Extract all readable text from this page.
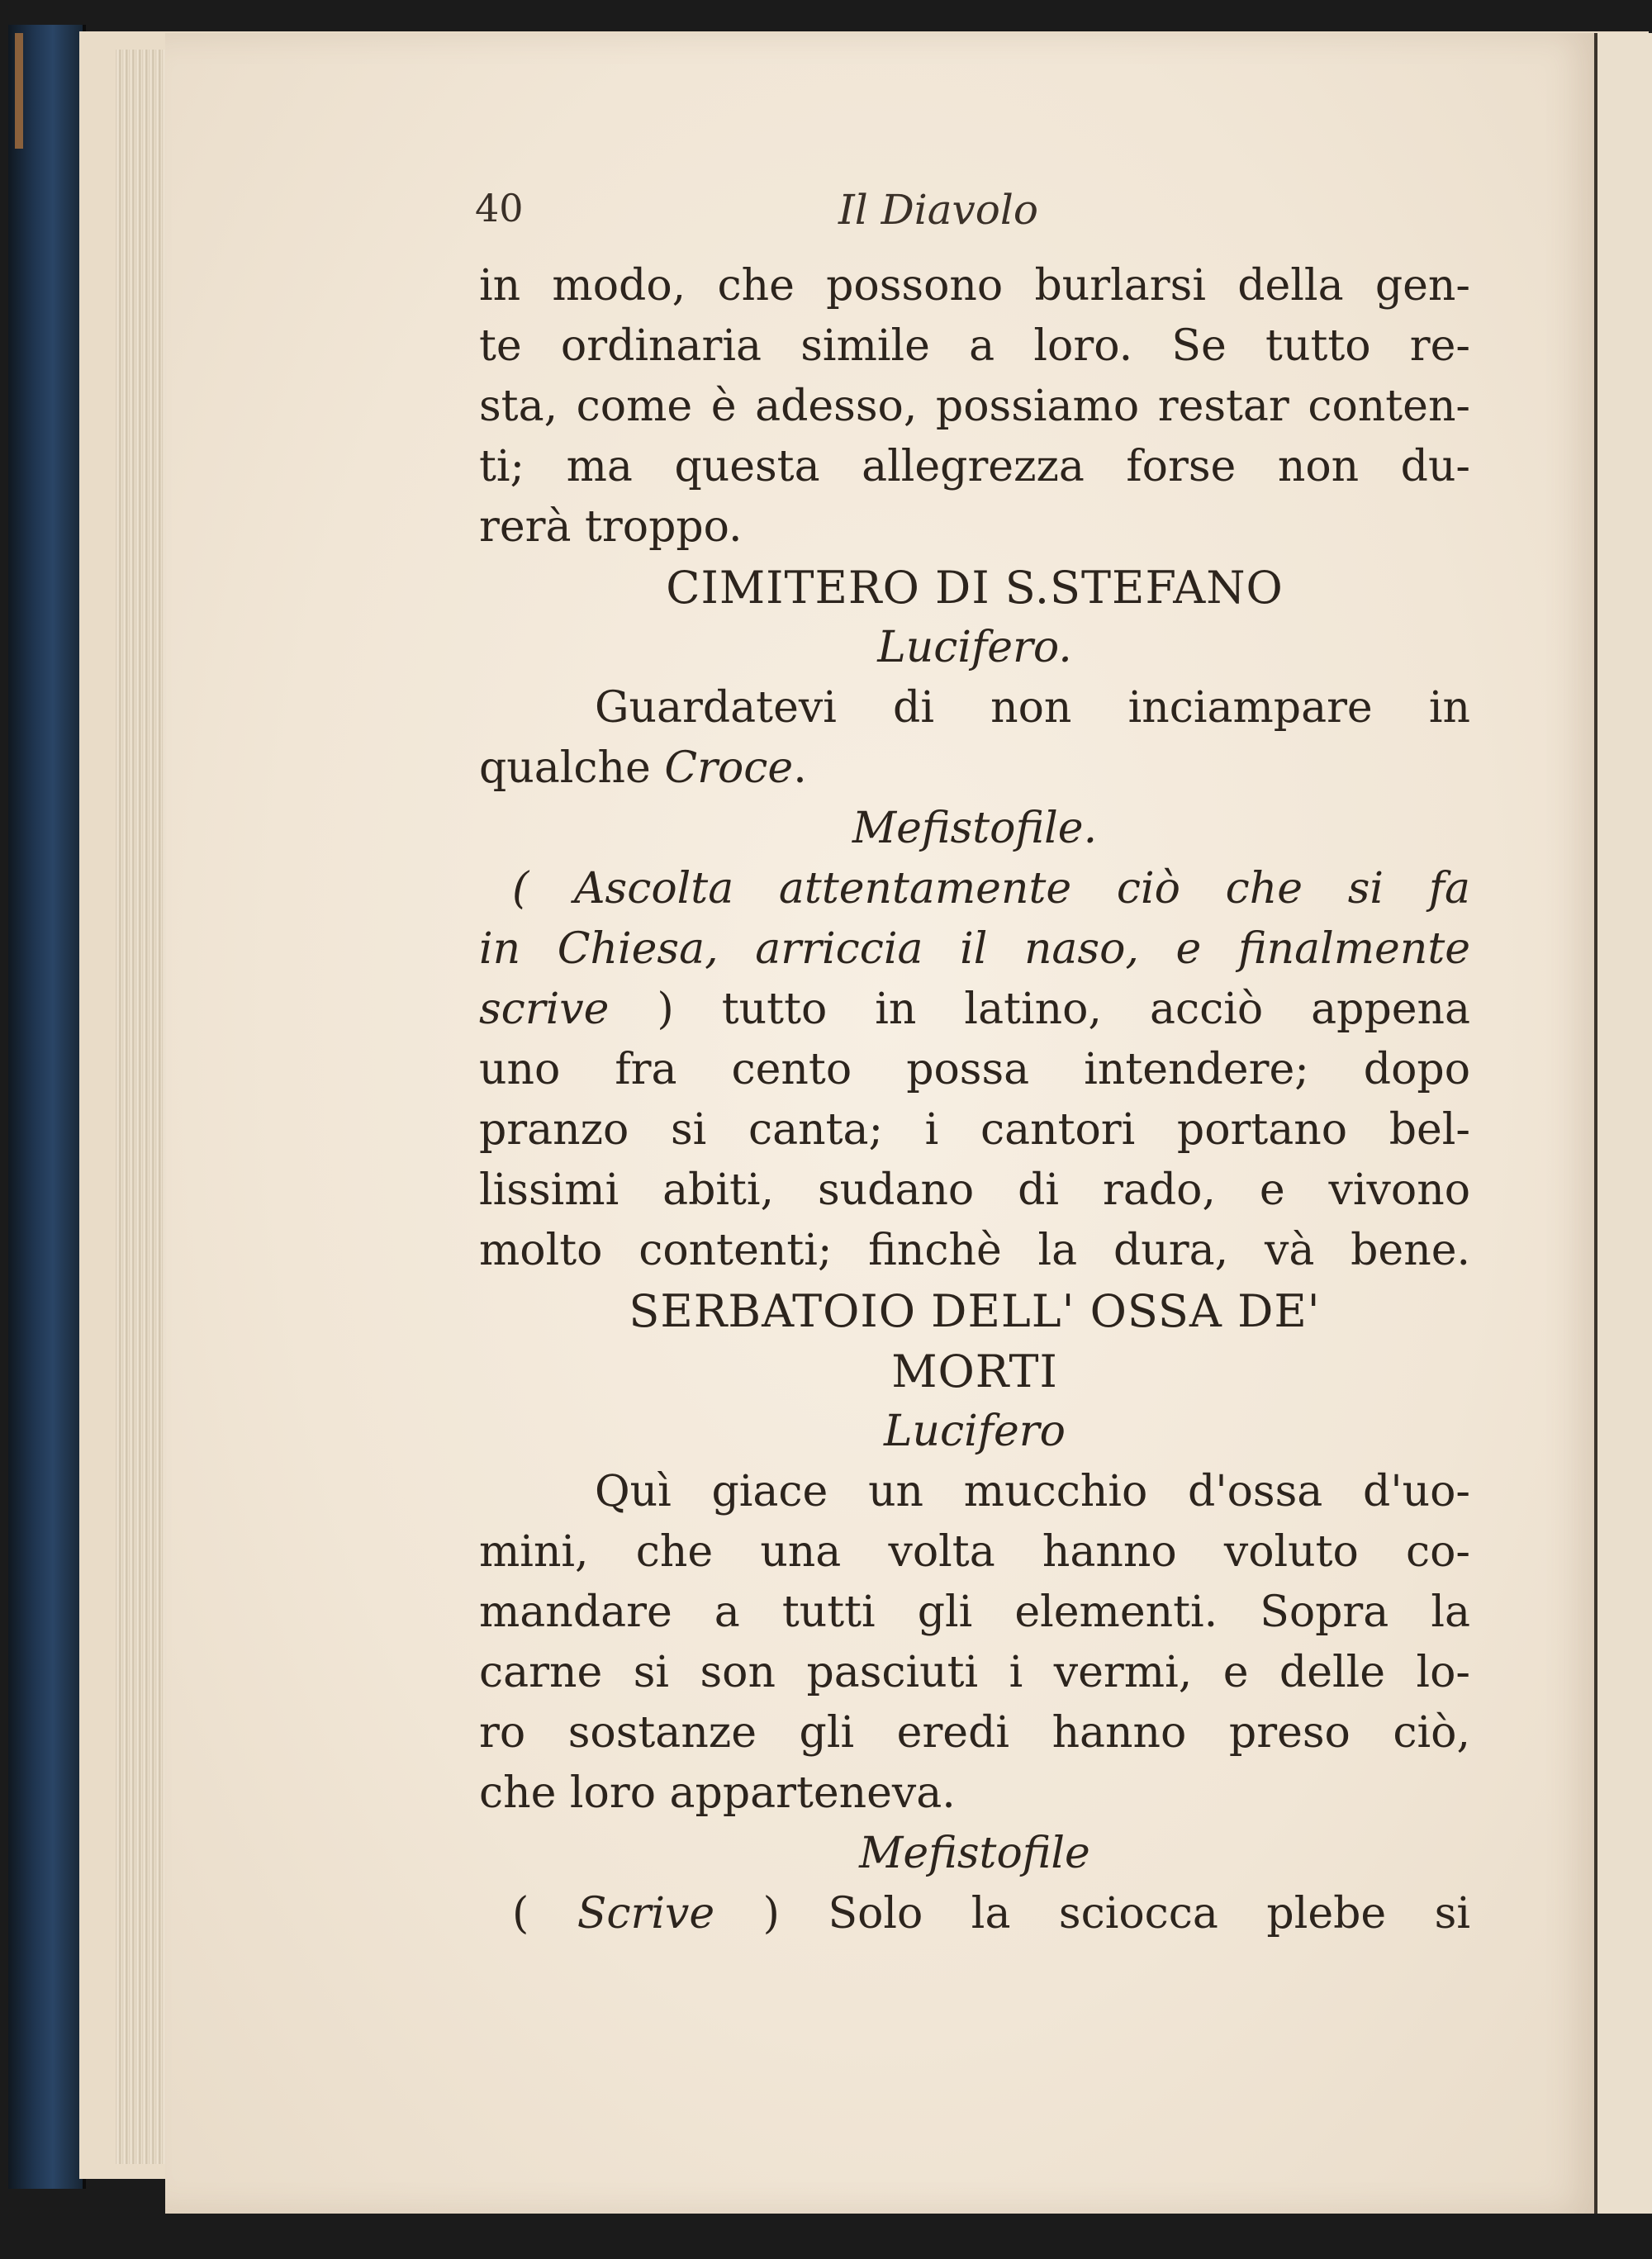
40	Il Diavolo
in modo, che possono burlarsi della gen-
te ordinaria simile a loro. Se tutto re-
sta, come è adesso, possiamo restar conten-
ti; ma questa allegrezza forse non du-
rerà troppo.
CIMITERO DI S.STEFANO
Lucifero.
Guardatevi di non inciampare in
qualche Croce.
Mefistofile.
( Ascolta attentamente ciò che si fa
in Chiesa, arriccia il naso, e finalmente
scrive ) tutto in latino, acciò appena
uno fra cento possa intendere; dopo
pranzo si canta; i cantori portano bel-
lissimi abiti, sudano di rado, e vivono
molto contenti; finchè la dura, và bene.
SERBATOIO DELL' OSSA DE'
MORTI
Lucifero
Quì giace un mucchio d'ossa d'uo-
mini, che una volta hanno voluto co-
mandare a tutti gli elementi. Sopra la
carne si son pasciuti i vermi, e delle lo-
ro sostanze gli eredi hanno preso ciò,
che loro apparteneva.
Mefistofile
( Scrive ) Solo la sciocca plebe si
